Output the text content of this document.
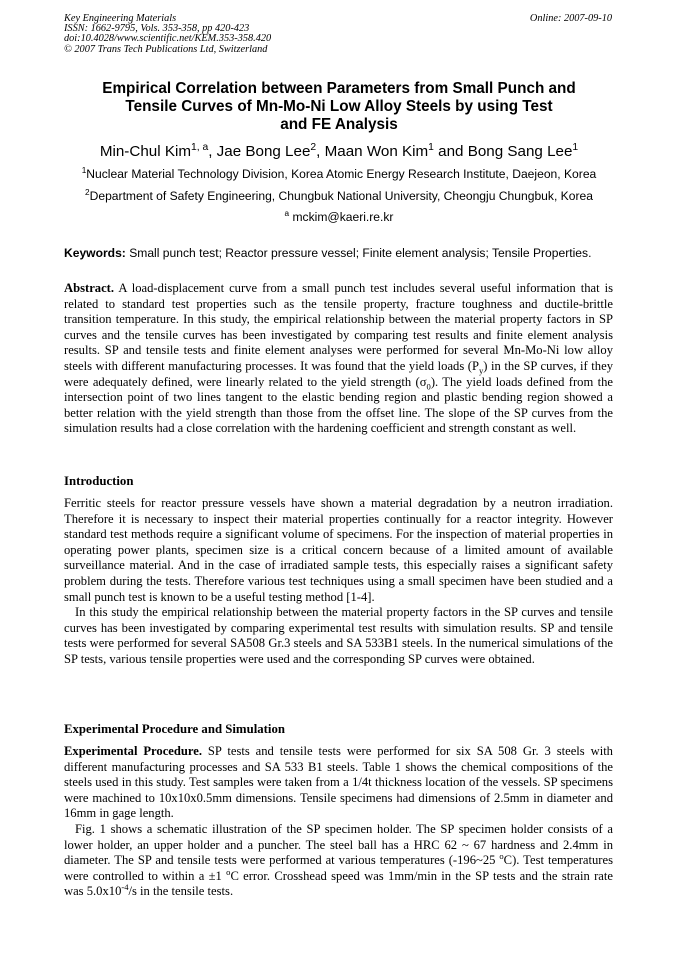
Key Engineering Materials
ISSN: 1662-9795, Vols. 353-358, pp 420-423
doi:10.4028/www.scientific.net/KEM.353-358.420
© 2007 Trans Tech Publications Ltd, Switzerland
Online: 2007-09-10
Empirical Correlation between Parameters from Small Punch and
Tensile Curves of Mn-Mo-Ni Low Alloy Steels by using Test
and FE Analysis
Min-Chul Kim$^{1, a}$, Jae Bong Lee$^2$, Maan Won Kim$^1$ and Bong Sang Lee$^1$
$^1$Nuclear Material Technology Division, Korea Atomic Energy Research Institute, Daejeon, Korea
$^2$Department of Safety Engineering, Chungbuk National University, Cheongju Chungbuk, Korea
$^a$ mckim@kaeri.re.kr
Keywords: Small punch test; Reactor pressure vessel; Finite element analysis; Tensile Properties.

Abstract. A load-displacement curve from a small punch test includes several useful information that is related to standard test properties such as the tensile property, fracture toughness and ductile-brittle transition temperature. In this study, the empirical relationship between the material property factors in SP curves and the tensile curves has been investigated by comparing test results and finite element analysis results. SP and tensile tests and finite element analyses were performed for several Mn-Mo-Ni low alloy steels with different manufacturing processes. It was found that the yield loads $(P_y)$ in the SP curves, if they were adequately defined, were linearly related to the yield strength $(\sigma_0)$. The yield loads defined from the intersection point of two lines tangent to the elastic bending region and plastic bending region showed a better relation with the yield strength than those from the offset line. The slope of the SP curves from the simulation results had a close correlation with the hardening coefficient and strength constant as well.

Introduction

Ferritic steels for reactor pressure vessels have shown a material degradation by a neutron irradiation. Therefore it is necessary to inspect their material properties continually for a reactor integrity. However standard test methods require a significant volume of specimens. For the inspection of material properties in operating power plants, specimen size is a critical concern because of a limited amount of available surveillance material. And in the case of irradiated sample tests, this especially raises a significant safety problem during the tests. Therefore various test techniques using a small specimen have been studied and a small punch test is known to be a useful testing method [1-4].

In this study the empirical relationship between the material property factors in the SP curves and tensile curves has been investigated by comparing experimental test results with simulation results. SP and tensile tests were performed for several SA508 Gr.3 steels and SA 533B1 steels. In the numerical simulations of the SP tests, various tensile properties were used and the corresponding SP curves were obtained.

Experimental Procedure and Simulation

Experimental Procedure. SP tests and tensile tests were performed for six SA 508 Gr. 3 steels with different manufacturing processes and SA 533 B1 steels. Table 1 shows the chemical compositions of the steels used in this study. Test samples were taken from a 1/4t thickness location of the vessels. SP specimens were machined to 10x10x0.5mm dimensions. Tensile specimens had dimensions of 2.5mm in diameter and 16mm in gage length.

Fig. 1 shows a schematic illustration of the SP specimen holder. The SP specimen holder consists of a lower holder, an upper holder and a puncher. The steel ball has a HRC 62 ~ 67 hardness and 2.4mm in diameter. The SP and tensile tests were performed at various temperatures (-196~25 $^o$C). Test temperatures were controlled to within a ±1 $^o$C error. Crosshead speed was 1mm/min in the SP tests and the strain rate was $5.0x10^{-4}/s$ in the tensile tests.
